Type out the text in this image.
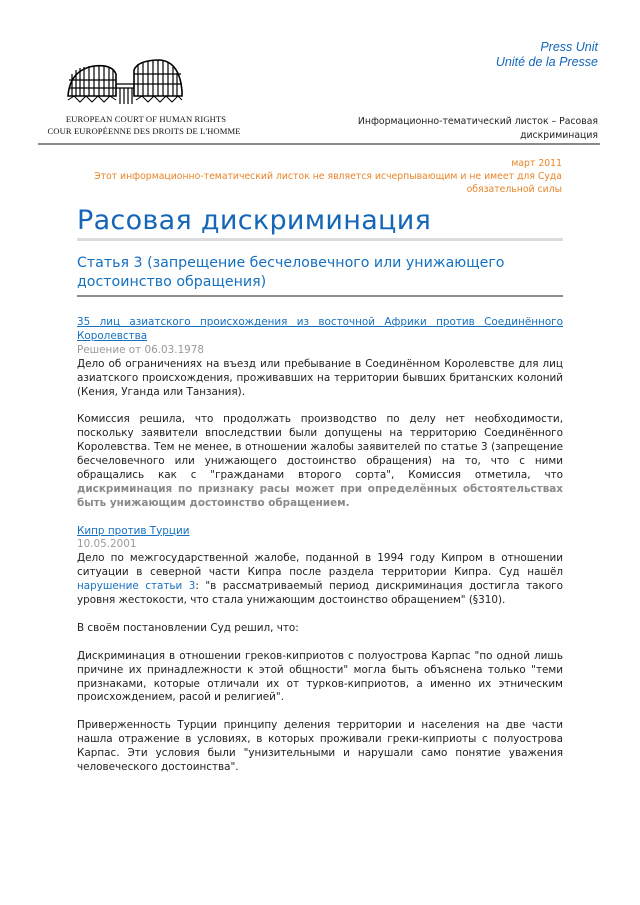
EUROPEAN COURT OF HUMAN RIGHTS
COUR EUROPÉENNE DES DROITS DE L'HOMME
Press Unit
Unité de la Presse
Информационно-тематический листок – Расовая
дискриминация
март 2011
Этот информационно-тематический листок не является исчерпывающим и не имеет для Суда
обязательной силы
Расовая дискриминация
Статья 3 (запрещение бесчеловечного или унижающего достоинство обращения)
35 лиц азиатского происхождения из восточной Африки против Соединённого Королевства
Решение от 06.03.1978

Дело об ограничениях на въезд или пребывание в Соединённом Королевстве для лиц азиатского происхождения, проживавших на территории бывших британских колоний (Кения, Уганда или Танзания).

Комиссия решила, что продолжать производство по делу нет необходимости, поскольку заявители впоследствии были допущены на территорию Соединённого Королевства. Тем не менее, в отношении жалобы заявителей по статье 3 (запрещение бесчеловечного или унижающего достоинство обращения) на то, что с ними обращались как с "гражданами второго сорта", Комиссия отметила, что дискриминация по признаку расы может при определённых обстоятельствах быть унижающим достоинство обращением.

Кипр против Турции
10.05.2001

Дело по межгосударственной жалобе, поданной в 1994 году Кипром в отношении ситуации в северной части Кипра после раздела территории Кипра. Суд нашёл нарушение статьи 3: "в рассматриваемый период дискриминация достигла такого уровня жестокости, что стала унижающим достоинство обращением" (§310).

В своём постановлении Суд решил, что:

Дискриминация в отношении греков-киприотов с полуострова Карпас "по одной лишь причине их принадлежности к этой общности" могла быть объяснена только "теми признаками, которые отличали их от турков-киприотов, а именно их этническим происхождением, расой и религией".

Приверженность Турции принципу деления территории и населения на две части нашла отражение в условиях, в которых проживали греки-киприоты с полуострова Карпас. Эти условия были "унизительными и нарушали само понятие уважения человеческого достоинства".
